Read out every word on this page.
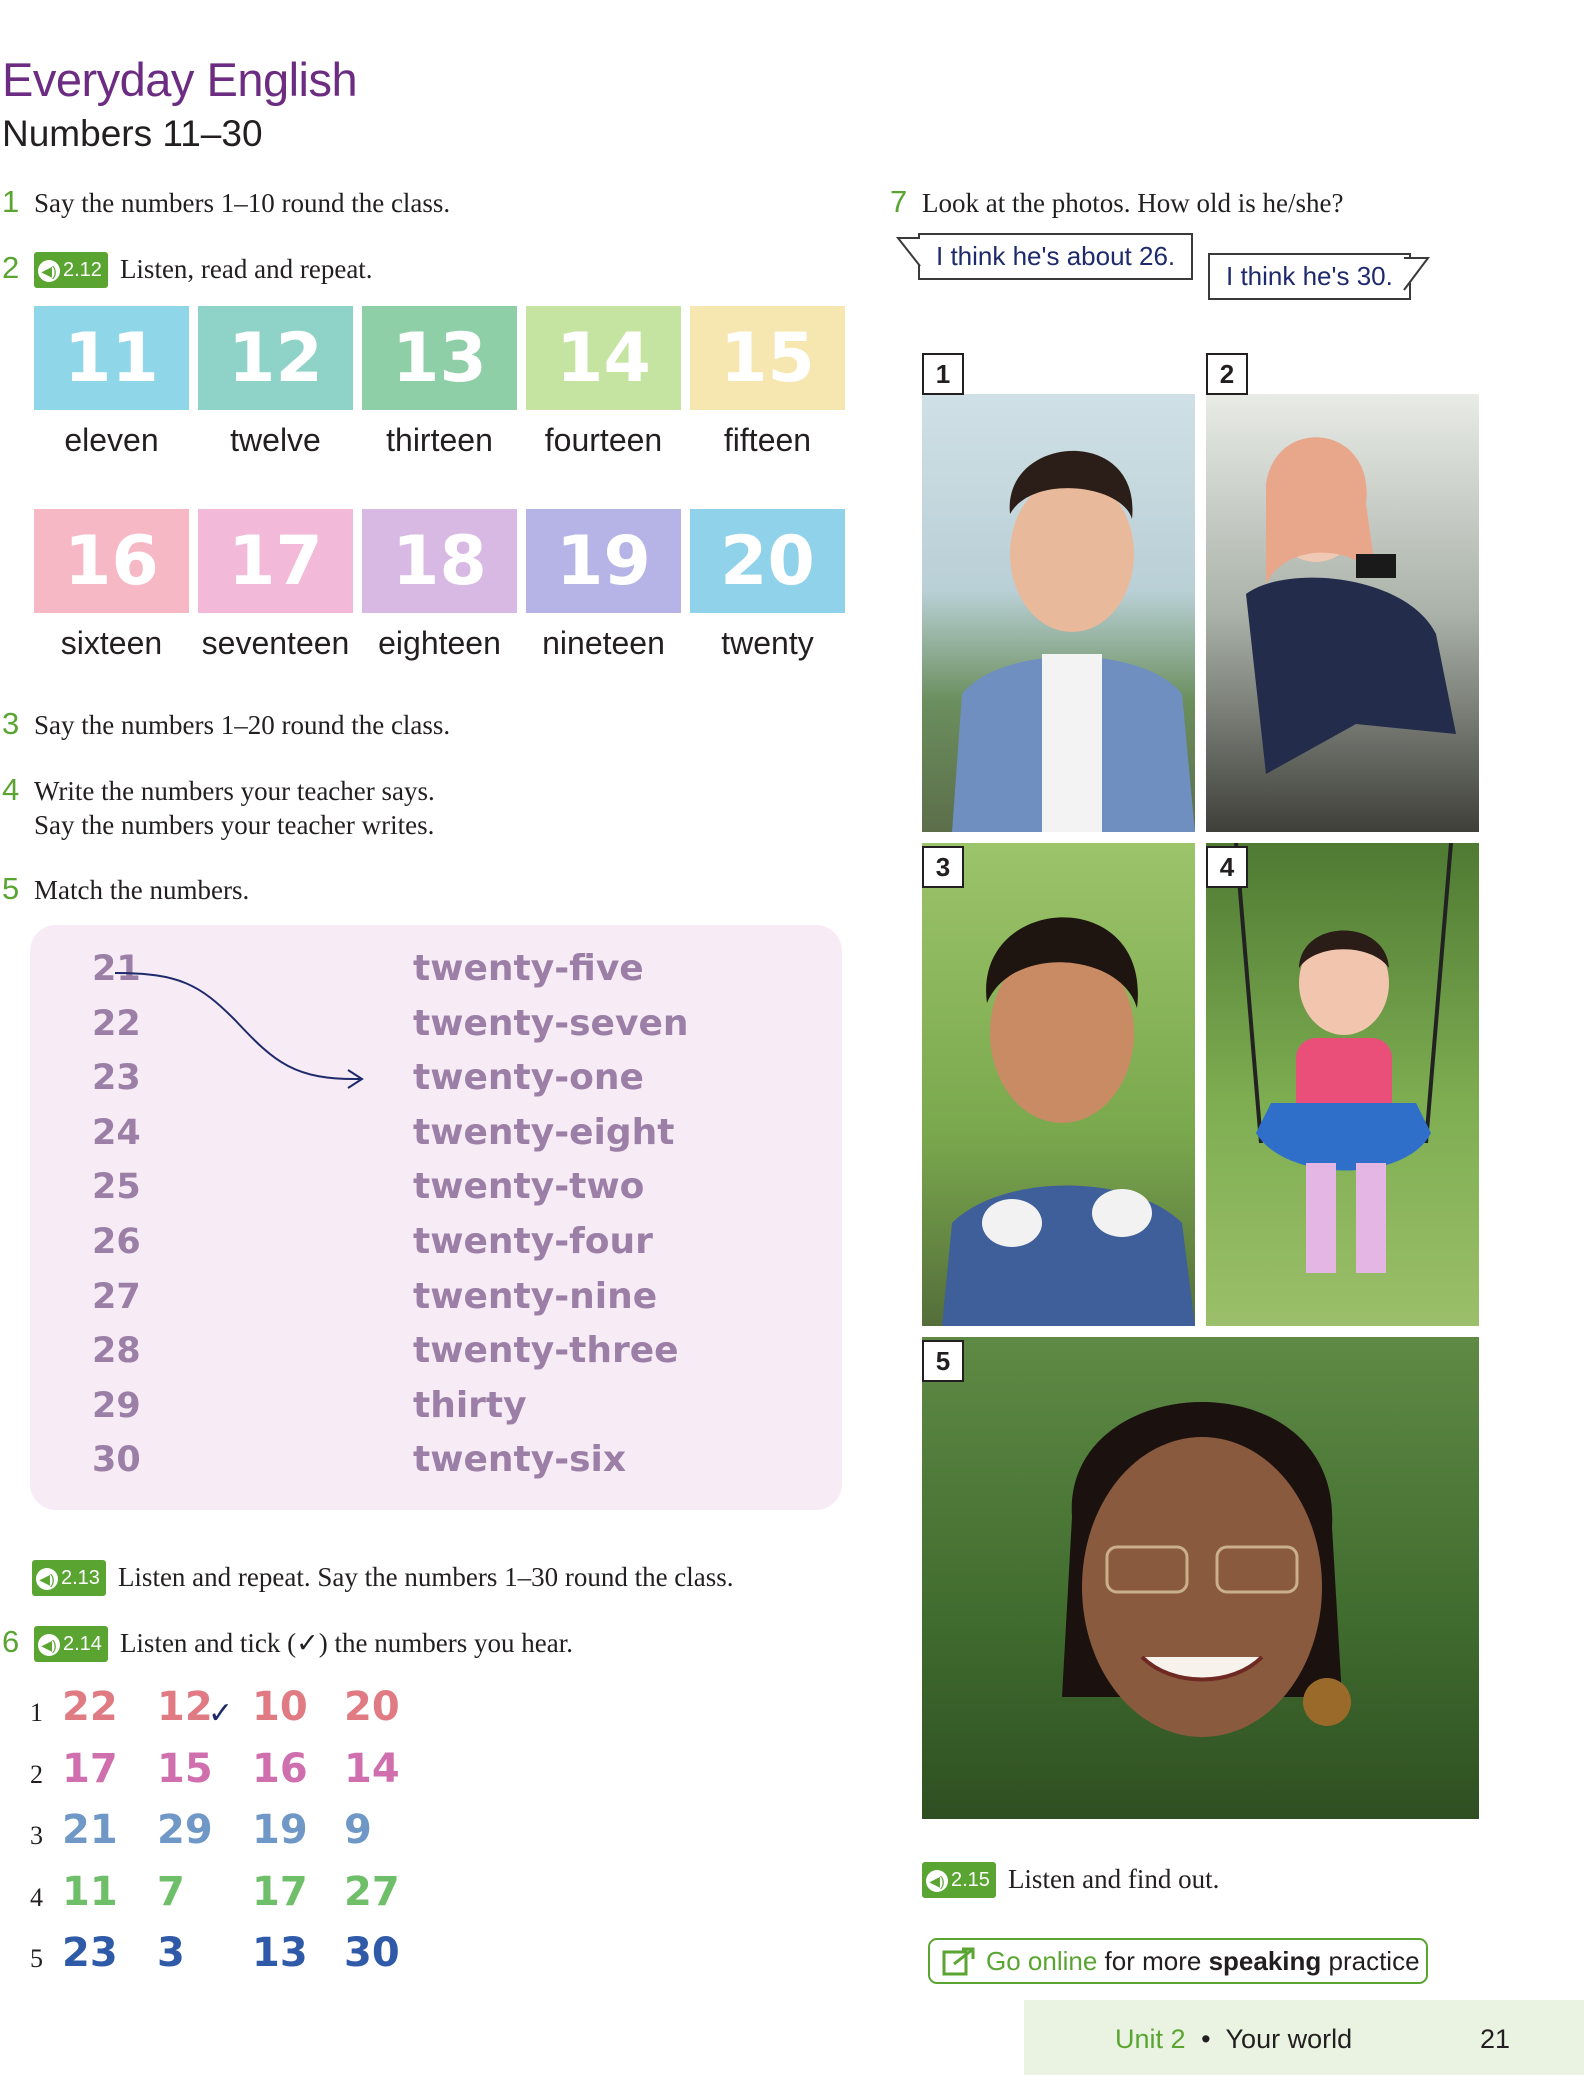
Everyday English
Numbers 11–30
1 Say the numbers 1–10 round the class.
2 ◀) 2.12 Listen, read and repeat.
11
eleven
12
twelve
13
thirteen
14
fourteen
15
fifteen
16
sixteen
17
seventeen
18
eighteen
19
nineteen
20
twenty
3 Say the numbers 1–20 round the class.
4 Write the numbers your teacher says.
Say the numbers your teacher writes.
5 Match the numbers.
21	twenty-five
22	twenty-seven
23	twenty-one
24	twenty-eight
25	twenty-two
26	twenty-four
27	twenty-nine
28	twenty-three
29	thirty
30	twenty-six
◀) 2.13 Listen and repeat. Say the numbers 1–30 round the class.
6 ◀) 2.14 Listen and tick (✓) the numbers you hear.
1 22 12 10 20
✓
2 17 15 16 14
3 21 29 19 9
4 11 7 17 27
5 23 3 13 30
7 Look at the photos. How old is he/she?
I think he's about 26.
I think he's 30.
1	2
3	4
5
◀) 2.15 Listen and find out.
Go online for more speaking practice
Unit 2 • Your world	21
